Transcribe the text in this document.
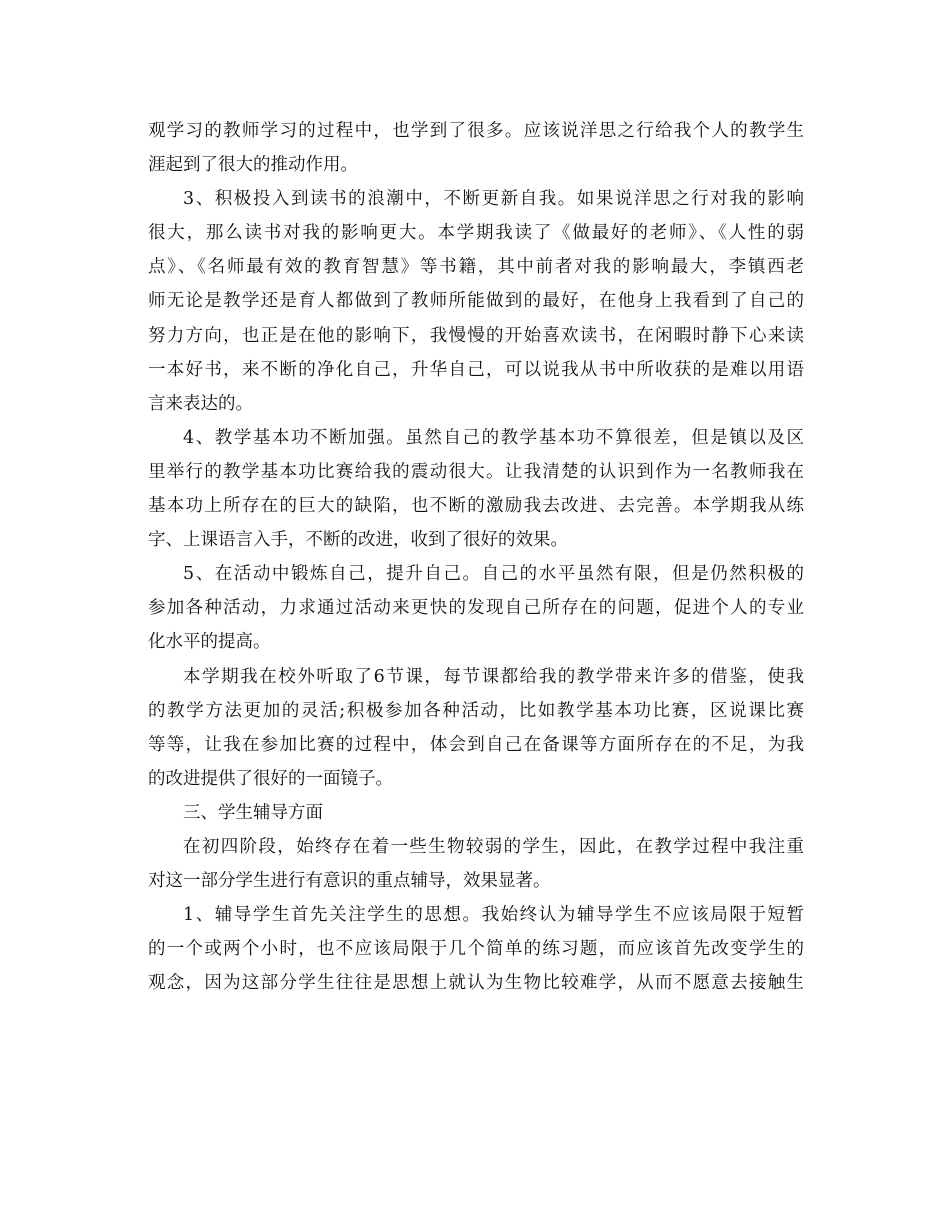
观学习的教师学习的过程中，也学到了很多。应该说洋思之行给我个人的教学生
涯起到了很大的推动作用。
3、积极投入到读书的浪潮中，不断更新自我。如果说洋思之行对我的影响
很大，那么读书对我的影响更大。本学期我读了《做最好的老师》、《人性的弱
点》、《名师最有效的教育智慧》等书籍，其中前者对我的影响最大，李镇西老
师无论是教学还是育人都做到了教师所能做到的最好，在他身上我看到了自己的
努力方向，也正是在他的影响下，我慢慢的开始喜欢读书，在闲暇时静下心来读
一本好书，来不断的净化自己，升华自己，可以说我从书中所收获的是难以用语
言来表达的。
4、教学基本功不断加强。虽然自己的教学基本功不算很差，但是镇以及区
里举行的教学基本功比赛给我的震动很大。让我清楚的认识到作为一名教师我在
基本功上所存在的巨大的缺陷，也不断的激励我去改进、去完善。本学期我从练
字、上课语言入手，不断的改进，收到了很好的效果。
5、在活动中锻炼自己，提升自己。自己的水平虽然有限，但是仍然积极的
参加各种活动，力求通过活动来更快的发现自己所存在的问题，促进个人的专业
化水平的提高。
本学期我在校外听取了6节课，每节课都给我的教学带来许多的借鉴，使我
的教学方法更加的灵活;积极参加各种活动，比如教学基本功比赛，区说课比赛
等等，让我在参加比赛的过程中，体会到自己在备课等方面所存在的不足，为我
的改进提供了很好的一面镜子。
三、学生辅导方面
在初四阶段，始终存在着一些生物较弱的学生，因此，在教学过程中我注重
对这一部分学生进行有意识的重点辅导，效果显著。
1、辅导学生首先关注学生的思想。我始终认为辅导学生不应该局限于短暂
的一个或两个小时，也不应该局限于几个简单的练习题，而应该首先改变学生的
观念，因为这部分学生往往是思想上就认为生物比较难学，从而不愿意去接触生
